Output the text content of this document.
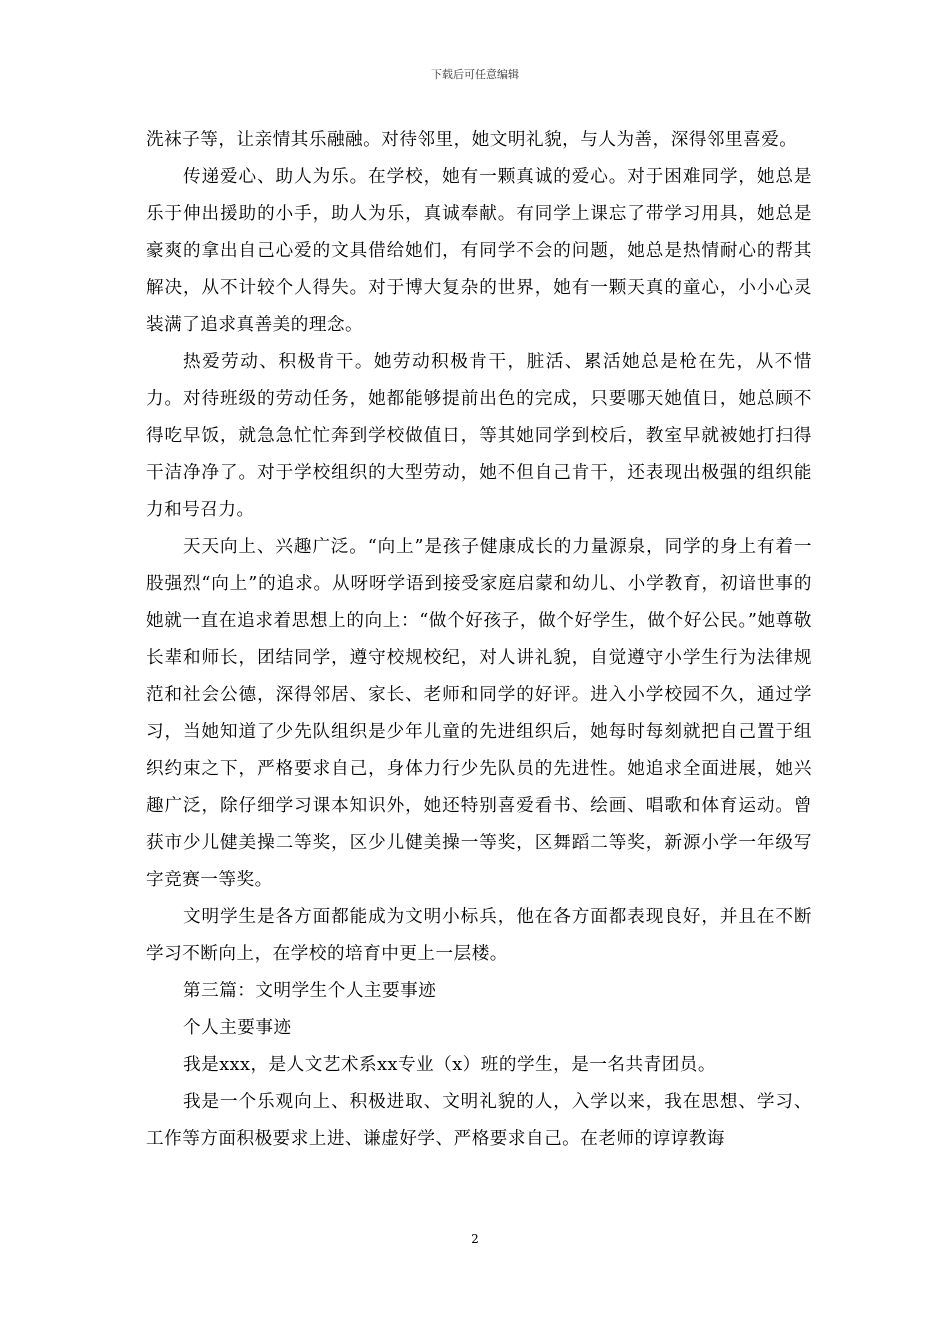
下载后可任意编辑

洗袜子等，让亲情其乐融融。对待邻里，她文明礼貌，与人为善，深得邻里喜爱。

传递爱心、助人为乐。在学校，她有一颗真诚的爱心。对于困难同学，她总是乐于伸出援助的小手，助人为乐，真诚奉献。有同学上课忘了带学习用具，她总是豪爽的拿出自己心爱的文具借给她们，有同学不会的问题，她总是热情耐心的帮其解决，从不计较个人得失。对于博大复杂的世界，她有一颗天真的童心，小小心灵装满了追求真善美的理念。

热爱劳动、积极肯干。她劳动积极肯干，脏活、累活她总是枪在先，从不惜力。对待班级的劳动任务，她都能够提前出色的完成，只要哪天她值日，她总顾不得吃早饭，就急急忙忙奔到学校做值日，等其她同学到校后，教室早就被她打扫得干洁净净了。对于学校组织的大型劳动，她不但自己肯干，还表现出极强的组织能力和号召力。

天天向上、兴趣广泛。“向上”是孩子健康成长的力量源泉，同学的身上有着一股强烈“向上”的追求。从呀呀学语到接受家庭启蒙和幼儿、小学教育，初谙世事的她就一直在追求着思想上的向上：“做个好孩子，做个好学生，做个好公民。”她尊敬长辈和师长，团结同学，遵守校规校纪，对人讲礼貌，自觉遵守小学生行为法律规范和社会公德，深得邻居、家长、老师和同学的好评。进入小学校园不久，通过学习，当她知道了少先队组织是少年儿童的先进组织后，她每时每刻就把自己置于组织约束之下，严格要求自己，身体力行少先队员的先进性。她追求全面进展，她兴趣广泛，除仔细学习课本知识外，她还特别喜爱看书、绘画、唱歌和体育运动。曾获市少儿健美操二等奖，区少儿健美操一等奖，区舞蹈二等奖，新源小学一年级写字竞赛一等奖。

文明学生是各方面都能成为文明小标兵，他在各方面都表现良好，并且在不断学习不断向上，在学校的培育中更上一层楼。

第三篇：文明学生个人主要事迹

个人主要事迹

我是xxx，是人文艺术系xx专业（x）班的学生，是一名共青团员。

我是一个乐观向上、积极进取、文明礼貌的人，入学以来，我在思想、学习、工作等方面积极要求上进、谦虚好学、严格要求自己。在老师的谆谆教诲

2
